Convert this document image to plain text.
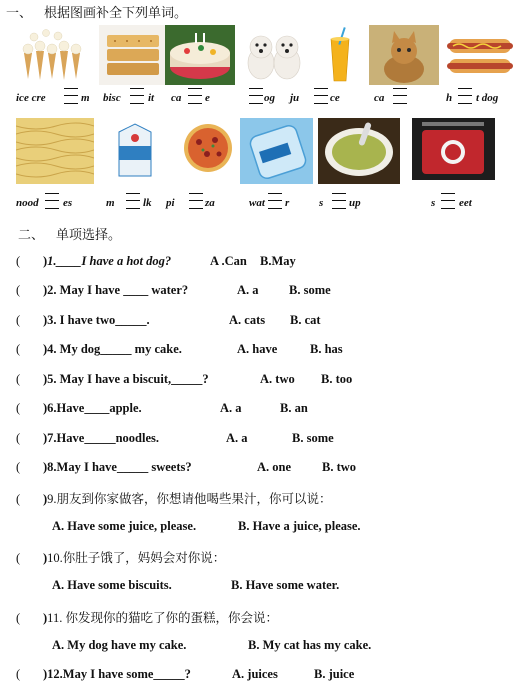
一、 根据图画补全下列单词。
ice cre	m bisc it ca e	og ju	ce	ca	h t dog
nood es	m	lk pi	za	wat r	s up	s eet
二、 单项选择。
( )1.____I have a hot dog?	A .Can B.May
( )2. May I have ____ water?	A. a B. some
( )3. I have two_____.	A. cats B. cat
( )4. My dog_____ my cake.	A. have	B. has
( )5. May I have a biscuit,_____?	A. two B. too
( )6.Have____apple.	A. a	B. an
( )7.Have_____noodles.	A. a	B. some
( )8.May I have_____ sweets?	A. one B. two
( )9.朋友到你家做客，你想请他喝些果汁，你可以说：
A. Have some juice, please.	B. Have a juice, please.
( )10.你肚子饿了，妈妈会对你说：
A. Have some biscuits.	B. Have some water.
( )11. 你发现你的猫吃了你的蛋糕，你会说：
A. My dog have my cake.	B. My cat has my cake.
( )12.May I have some_____?	A. juices	B. juice
